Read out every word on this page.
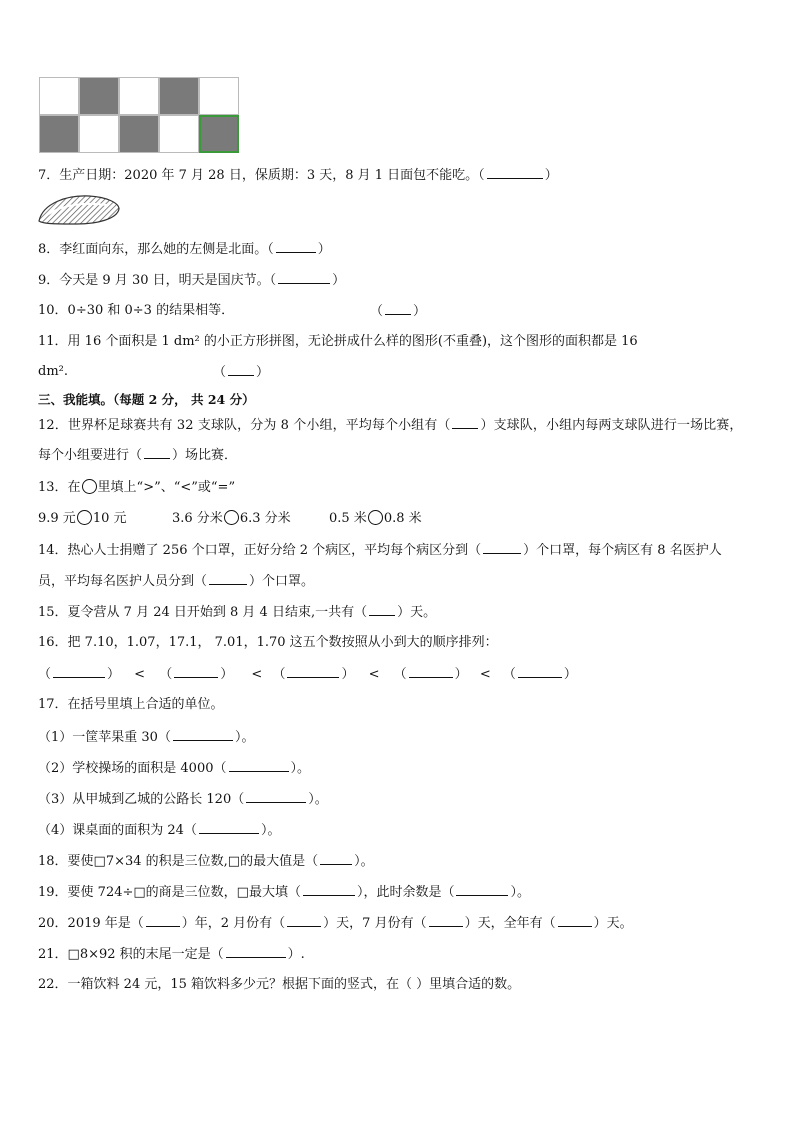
7．生产日期：2020 年 7 月 28 日，保质期：3 天，8 月 1 日面包不能吃。（	）
8．李红面向东，那么她的左侧是北面。（	）
9．今天是 9 月 30 日，明天是国庆节。（	）
10．0÷30 和 0÷3 的结果相等．	（ ）
11．用 16 个面积是 1 dm² 的小正方形拼图，无论拼成什么样的图形(不重叠)，这个图形的面积都是 16
dm².	（ ）
三、我能填。（每题 2 分， 共 24 分）
12．世界杯足球赛共有 32 支球队，分为 8 个小组，平均每个小组有（ ）支球队，小组内每两支球队进行一场比赛，
每个小组要进行（ ）场比赛．
13．在 里填上“>”、“<”或“=”
9.9 元 10 元	3.6 分米 6.3 分米	0.5 米 0.8 米
14．热心人士捐赠了 256 个口罩，正好分给 2 个病区，平均每个病区分到（	）个口罩，每个病区有 8 名医护人
员，平均每名医护人员分到（	）个口罩。
15．夏令营从 7 月 24 日开始到 8 月 4 日结束,一共有（ ）天。
16．把 7.10，1.07，17.1， 7.01，1.70 这五个数按照从小到大的顺序排列：
（	） < （	） < （	） < （	） < （	）
17．在括号里填上合适的单位。
（1）一筐苹果重 30（	）。
（2）学校操场的面积是 4000（	）。
（3）从甲城到乙城的公路长 120（	）。
（4）课桌面的面积为 24（	）。
18．要使□7×34 的积是三位数,□的最大值是（	）。
19．要使 724÷□的商是三位数，□最大填（	），此时余数是（	）。
20．2019 年是（	）年，2 月份有（	）天，7 月份有（	）天，全年有（	）天。
21．□8×92 积的末尾一定是（	）.
22．一箱饮料 24 元，15 箱饮料多少元？根据下面的竖式，在（ ）里填合适的数。
